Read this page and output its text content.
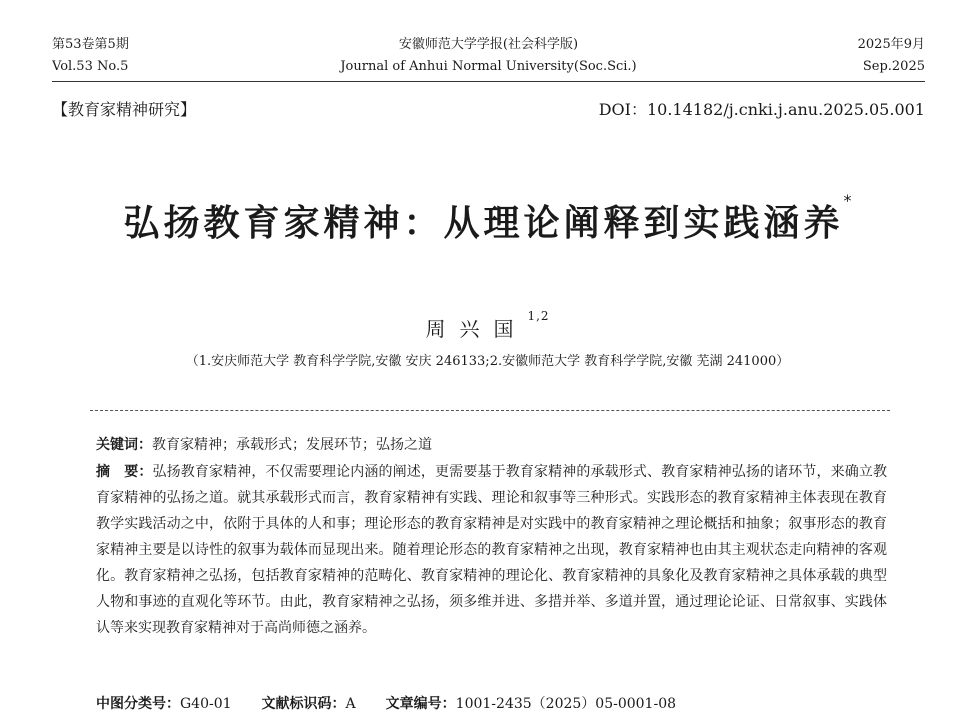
第53卷第5期
Vol.53 No.5
安徽师范大学学报(社会科学版)
Journal of Anhui Normal University(Soc.Sci.)
2025年9月
Sep.2025
【教育家精神研究】	DOI：10.14182/j.cnki.j.anu.2025.05.001
弘扬教育家精神：从理论阐释到实践涵养*
周兴国$^{1,2}$
（1.安庆师范大学 教育科学学院,安徽 安庆 246133;2.安徽师范大学 教育科学学院,安徽 芜湖 241000）
关键词：教育家精神；承载形式；发展环节；弘扬之道
摘　要：弘扬教育家精神，不仅需要理论内涵的阐述，更需要基于教育家精神的承载形式、教育家精神弘扬的诸环节，来确立教育家精神的弘扬之道。就其承载形式而言，教育家精神有实践、理论和叙事等三种形式。实践形态的教育家精神主体表现在教育教学实践活动之中，依附于具体的人和事；理论形态的教育家精神是对实践中的教育家精神之理论概括和抽象；叙事形态的教育家精神主要是以诗性的叙事为载体而显现出来。随着理论形态的教育家精神之出现，教育家精神也由其主观状态走向精神的客观化。教育家精神之弘扬，包括教育家精神的范畴化、教育家精神的理论化、教育家精神的具象化及教育家精神之具体承载的典型人物和事迹的直观化等环节。由此，教育家精神之弘扬，须多维并进、多措并举、多道并置，通过理论论证、日常叙事、实践体认等来实现教育家精神对于高尚师德之涵养。
中图分类号：G40-01 文献标识码：A 文章编号：1001-2435（2025）05-0001-08
